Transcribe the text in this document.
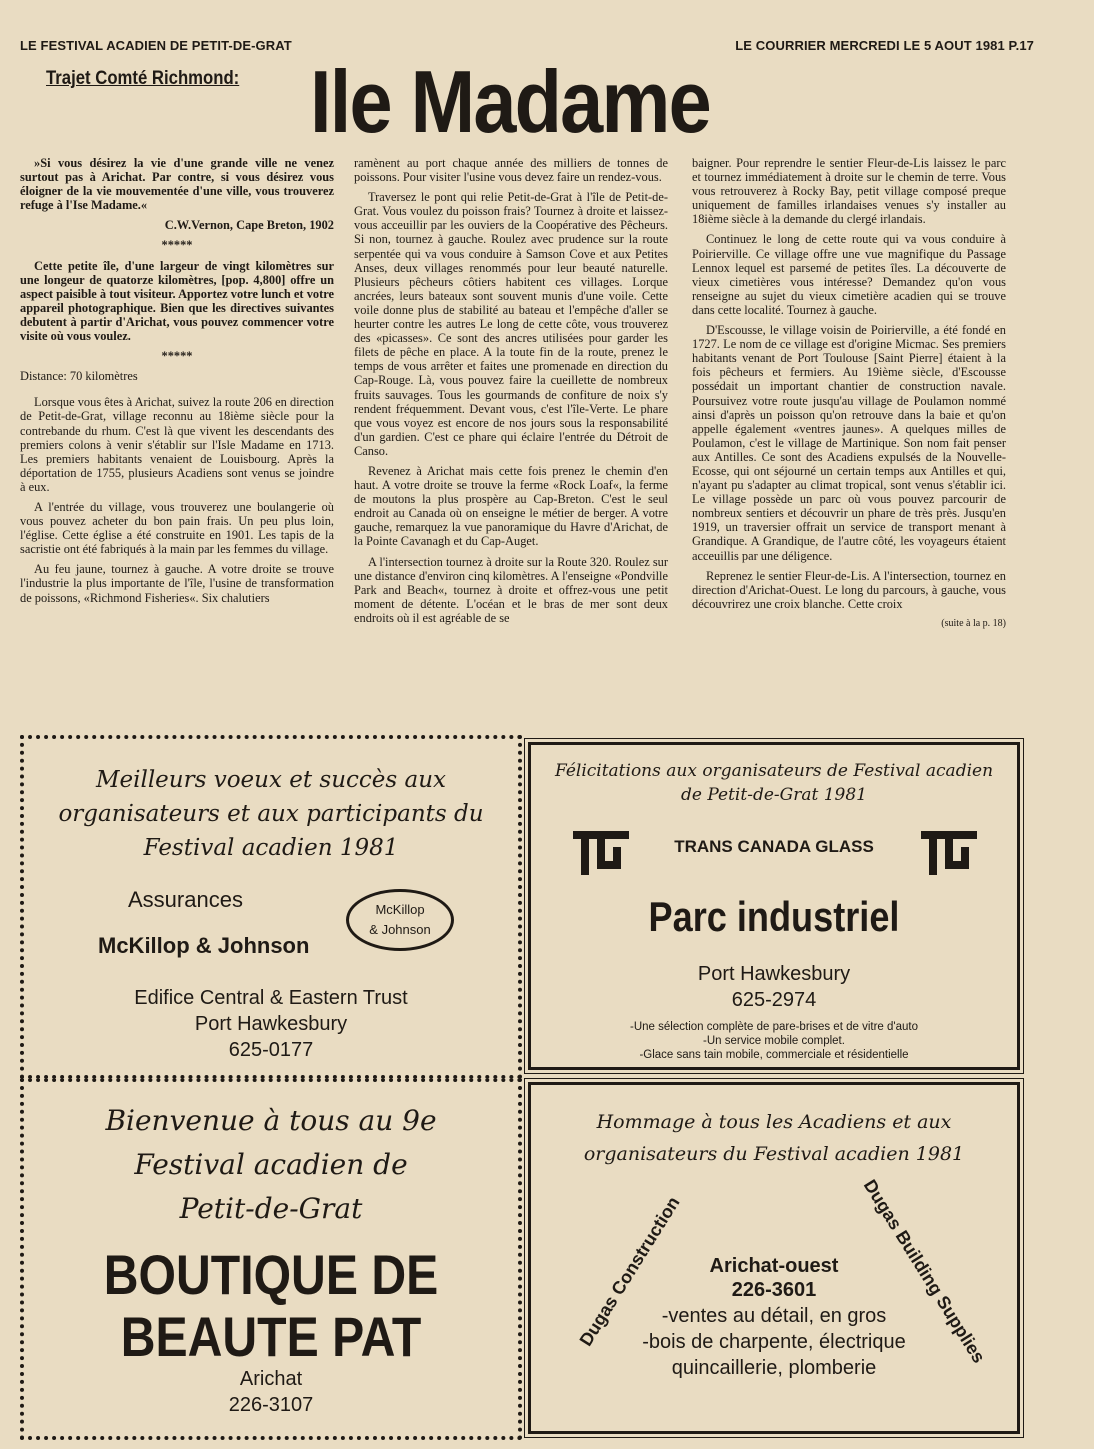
LE FESTIVAL ACADIEN DE PETIT-DE-GRAT	LE COURRIER MERCREDI LE 5 AOUT 1981 P.17
Trajet Comté Richmond: Ile Madame

»Si vous désirez la vie d'une grande ville ne venez surtout pas à Arichat. Par contre, si vous désirez vous éloigner de la vie mouvementée d'une ville, vous trouverez refuge à l'Ise Madame.«

C.W.Vernon, Cape Breton, 1902

*****

Cette petite île, d'une largeur de vingt kilomètres sur une longeur de quatorze kilomètres, [pop. 4,800] offre un aspect paisible à tout visiteur. Apportez votre lunch et votre appareil photographique. Bien que les directives suivantes debutent à partir d'Arichat, vous pouvez commencer votre visite où vous voulez.

*****

Distance: 70 kilomètres

Lorsque vous êtes à Arichat, suivez la route 206 en direction de Petit-de-Grat, village reconnu au 18ième siècle pour la contrebande du rhum. C'est là que vivent les descendants des premiers colons à venir s'établir sur l'Isle Madame en 1713. Les premiers habitants venaient de Louisbourg. Après la déportation de 1755, plusieurs Acadiens sont venus se joindre à eux.

A l'entrée du village, vous trouverez une boulangerie où vous pouvez acheter du bon pain frais. Un peu plus loin, l'église. Cette église a été construite en 1901. Les tapis de la sacristie ont été fabriqués à la main par les femmes du village.

Au feu jaune, tournez à gauche. A votre droite se trouve l'industrie la plus importante de l'île, l'usine de transformation de poissons, «Richmond Fisheries«. Six chalutiers

ramènent au port chaque année des milliers de tonnes de poissons. Pour visiter l'usine vous devez faire un rendez-vous.

Traversez le pont qui relie Petit-de-Grat à l'île de Petit-de-Grat. Vous voulez du poisson frais? Tournez à droite et laissez-vous acceuillir par les ouviers de la Coopérative des Pêcheurs. Si non, tournez à gauche. Roulez avec prudence sur la route serpentée qui va vous conduire à Samson Cove et aux Petites Anses, deux villages renommés pour leur beauté naturelle. Plusieurs pêcheurs côtiers habitent ces villages. Lorque ancrées, leurs bateaux sont souvent munis d'une voile. Cette voile donne plus de stabilité au bateau et l'empêche d'aller se heurter contre les autres Le long de cette côte, vous trouverez des «picasses». Ce sont des ancres utilisées pour garder les filets de pêche en place. A la toute fin de la route, prenez le temps de vous arrêter et faites une promenade en direction du Cap-Rouge. Là, vous pouvez faire la cueillette de nombreux fruits sauvages. Tous les gourmands de confiture de noix s'y rendent fréquemment. Devant vous, c'est l'île-Verte. Le phare que vous voyez est encore de nos jours sous la responsabilité d'un gardien. C'est ce phare qui éclaire l'entrée du Détroit de Canso.

Revenez à Arichat mais cette fois prenez le chemin d'en haut. A votre droite se trouve la ferme «Rock Loaf«, la ferme de moutons la plus prospère au Cap-Breton. C'est le seul endroit au Canada où on enseigne le métier de berger. A votre gauche, remarquez la vue panoramique du Havre d'Arichat, de la Pointe Cavanagh et du Cap-Auget.

A l'intersection tournez à droite sur la Route 320. Roulez sur une distance d'environ cinq kilomètres. A l'enseigne «Pondville Park and Beach«, tournez à droite et offrez-vous une petit moment de détente. L'océan et le bras de mer sont deux endroits où il est agréable de se

baigner. Pour reprendre le sentier Fleur-de-Lis laissez le parc et tournez immédiatement à droite sur le chemin de terre. Vous vous retrouverez à Rocky Bay, petit village composé preque uniquement de familles irlandaises venues s'y installer au 18ième siècle à la demande du clergé irlandais.

Continuez le long de cette route qui va vous conduire à Poirierville. Ce village offre une vue magnifique du Passage Lennox lequel est parsemé de petites îles. La découverte de vieux cimetières vous intéresse? Demandez qu'on vous renseigne au sujet du vieux cimetière acadien qui se trouve dans cette localité. Tournez à gauche.

D'Escousse, le village voisin de Poirierville, a été fondé en 1727. Le nom de ce village est d'origine Micmac. Ses premiers habitants venant de Port Toulouse [Saint Pierre] étaient à la fois pêcheurs et fermiers. Au 19ième siècle, d'Escousse possédait un important chantier de construction navale. Poursuivez votre route jusqu'au village de Poulamon nommé ainsi d'après un poisson qu'on retrouve dans la baie et qu'on appelle également «ventres jaunes». A quelques milles de Poulamon, c'est le village de Martinique. Son nom fait penser aux Antilles. Ce sont des Acadiens expulsés de la Nouvelle-Ecosse, qui ont séjourné un certain temps aux Antilles et qui, n'ayant pu s'adapter au climat tropical, sont venus s'établir ici. Le village possède un parc où vous pouvez parcourir de nombreux sentiers et découvrir un phare de très près. Jusqu'en 1919, un traversier offrait un service de transport menant à Grandique. A Grandique, de l'autre côté, les voyageurs étaient acceuillis par une déligence.

Reprenez le sentier Fleur-de-Lis. A l'intersection, tournez en direction d'Arichat-Ouest. Le long du parcours, à gauche, vous découvrirez une croix blanche. Cette croix

(suite à la p. 18)

Meilleurs voeux et succès aux
organisateurs et aux participants du
Festival acadien 1981
Assurances
McKillop & Johnson
McKillop
& Johnson
Edifice Central & Eastern Trust
Port Hawkesbury
625-0177
Félicitations aux organisateurs de Festival acadien
de Petit-de-Grat 1981
TRANS CANADA GLASS
Parc industriel
Port Hawkesbury
625-2974
-Une sélection complète de pare-brises et de vitre d'auto
-Un service mobile complet.
-Glace sans tain mobile, commerciale et résidentielle
Bienvenue à tous au 9e
Festival acadien de
Petit-de-Grat
BOUTIQUE DE
BEAUTE PAT
Arichat
226-3107
Hommage à tous les Acadiens et aux
organisateurs du Festival acadien 1981
Dugas Construction	Dugas Building Supplies
Arichat-ouest
226-3601
-ventes au détail, en gros
-bois de charpente, électrique
quincaillerie, plomberie
